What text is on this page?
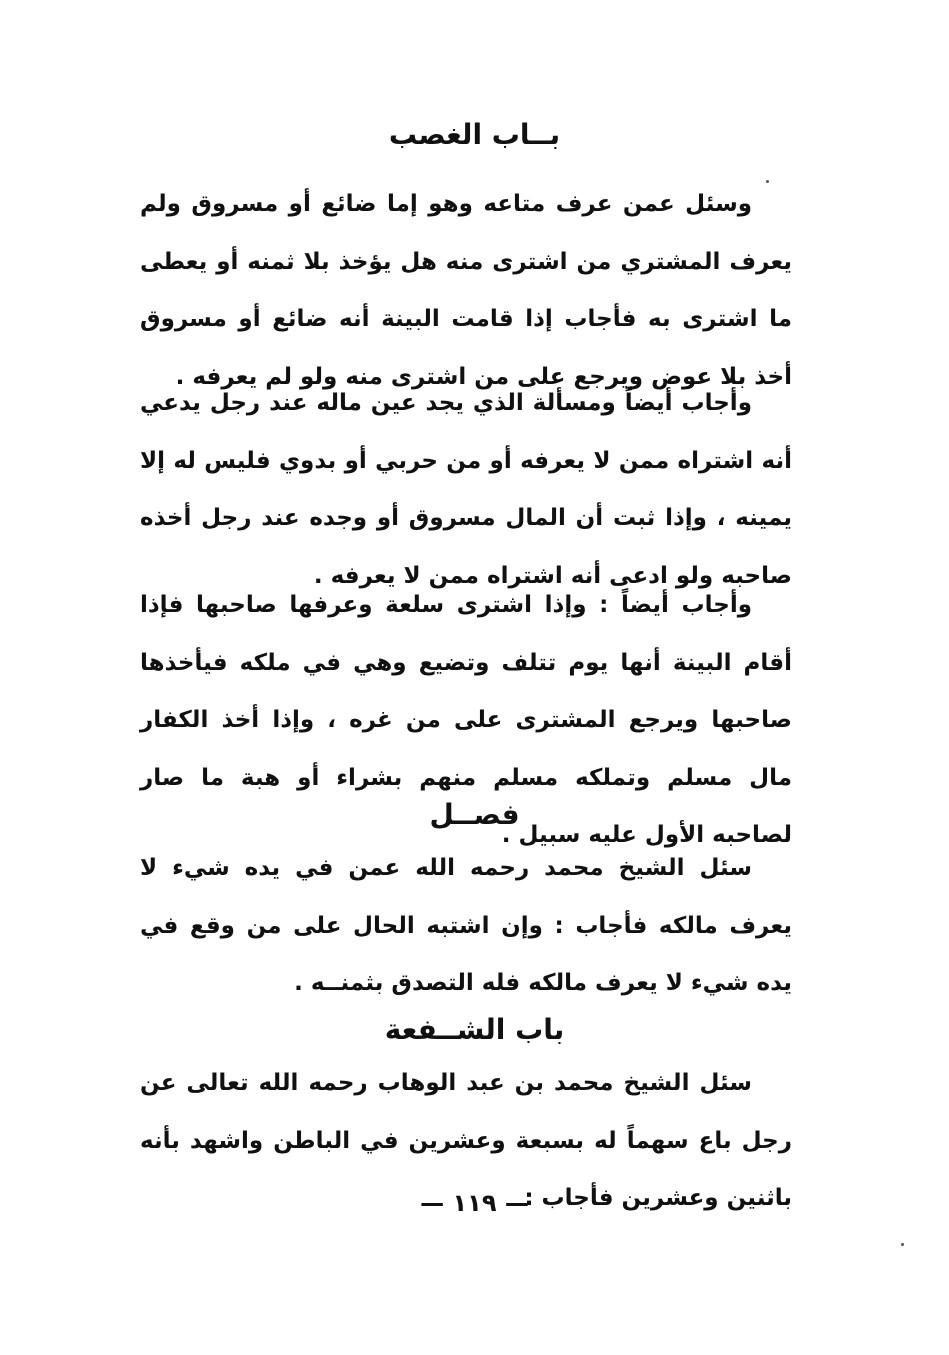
بــاب الغصب

وسئل عمن عرف متاعه وهو إما ضائع أو مسروق ولم يعرف المشتري من اشترى منه هل يؤخذ بلا ثمنه أو يعطى ما اشترى به فأجاب إذا قامت البينة أنه ضائع أو مسروق أخذ بلا عوض ويرجع على من اشترى منه ولو لم يعرفه .

وأجاب أيضاً ومسألة الذي يجد عين ماله عند رجل يدعي أنه اشتراه ممن لا يعرفه أو من حربي أو بدوي فليس له إلا يمينه ، وإذا ثبت أن المال مسروق أو وجده عند رجل أخذه صاحبه ولو ادعى أنه اشتراه ممن لا يعرفه .

وأجاب أيضاً : وإذا اشترى سلعة وعرفها صاحبها فإذا أقام البينة أنها يوم تتلف وتضيع وهي في ملكه فيأخذها صاحبها ويرجع المشترى على من غره ، وإذا أخذ الكفار مال مسلم وتملكه مسلم منهم بشراء أو هبة ما صار لصاحبه الأول عليه سبيل .

فصــل

سئل الشيخ محمد رحمه الله عمن في يده شيء لا يعرف مالكه فأجاب : وإن اشتبه الحال على من وقع في يده شيء لا يعرف مالكه فله التصدق بثمنــه .

باب الشــفعة

سئل الشيخ محمد بن عبد الوهاب رحمه الله تعالى عن رجل باع سهماً له بسبعة وعشرين في الباطن واشهد بأنه باثنين وعشرين فأجاب :

— ١١٩ —
